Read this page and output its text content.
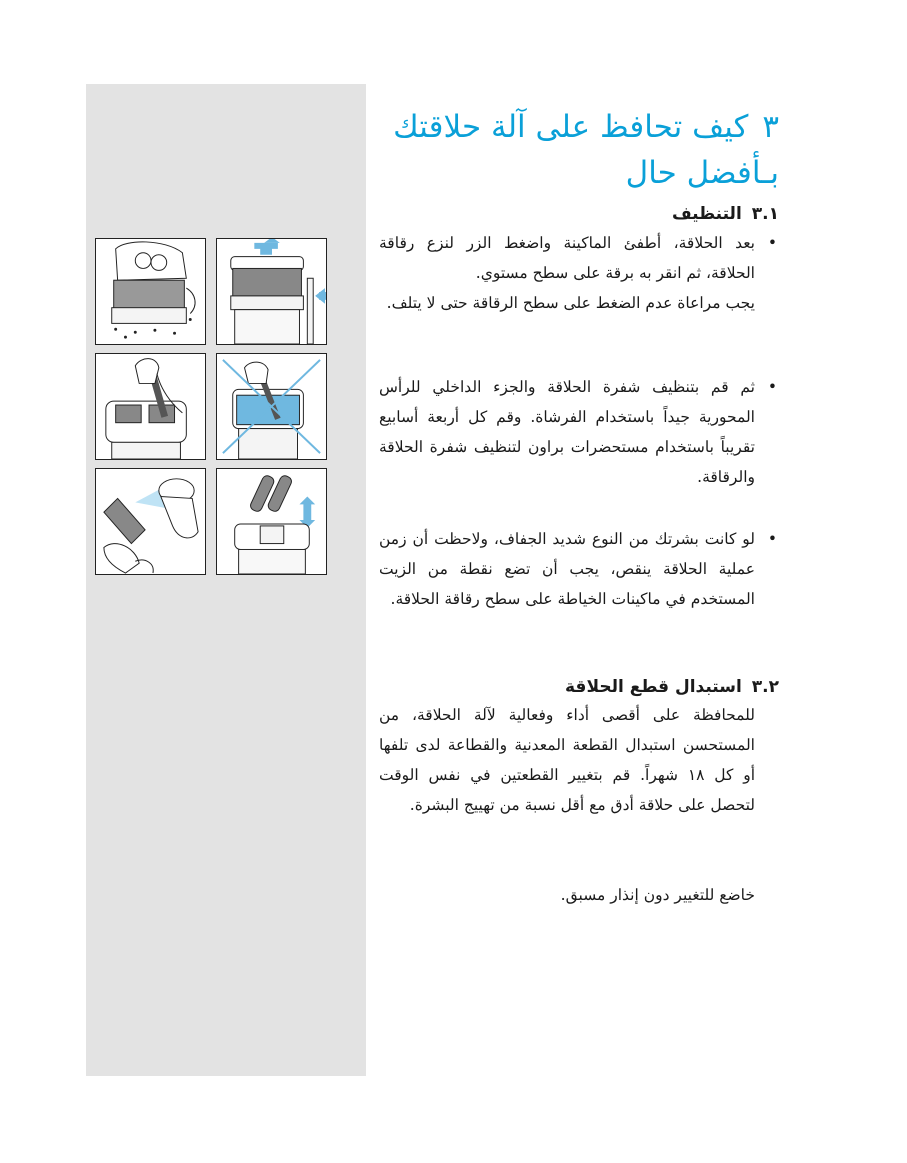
٣كيف تحافظ على آلة حلاقتك
بـأفضل حال
٣.١التنظيف
•
بعد الحلاقة، أطفئ الماكينة واضغط الزر لنزع رقاقة الحلاقة، ثم انقر به برقة على سطح مستوي.
يجب مراعاة عدم الضغط على سطح الرقاقة حتى لا يتلف.
•
ثم قم بتنظيف شفرة الحلاقة والجزء الداخلي للرأس المحورية جيداً باستخدام الفرشاة. وقم كل أربعة أسابيع تقريباً باستخدام مستحضرات براون لتنظيف شفرة الحلاقة والرقاقة.
•
لو كانت بشرتك من النوع شديد الجفاف، ولاحظت أن زمن عملية الحلاقة ينقص، يجب أن تضع نقطة من الزيت المستخدم في ماكينات الخياطة على سطح رقاقة الحلاقة.
٣.٢استبدال قطع الحلاقة
للمحافظة على أقصى أداء وفعالية لآلة الحلاقة، من المستحسن استبدال القطعة المعدنية والقطاعة لدى تلفها أو كل ١٨ شهراً. قم بتغيير القطعتين في نفس الوقت لتحصل على حلاقة أدق مع أقل نسبة من تهييج البشرة.
خاضع للتغيير دون إنذار مسبق.
